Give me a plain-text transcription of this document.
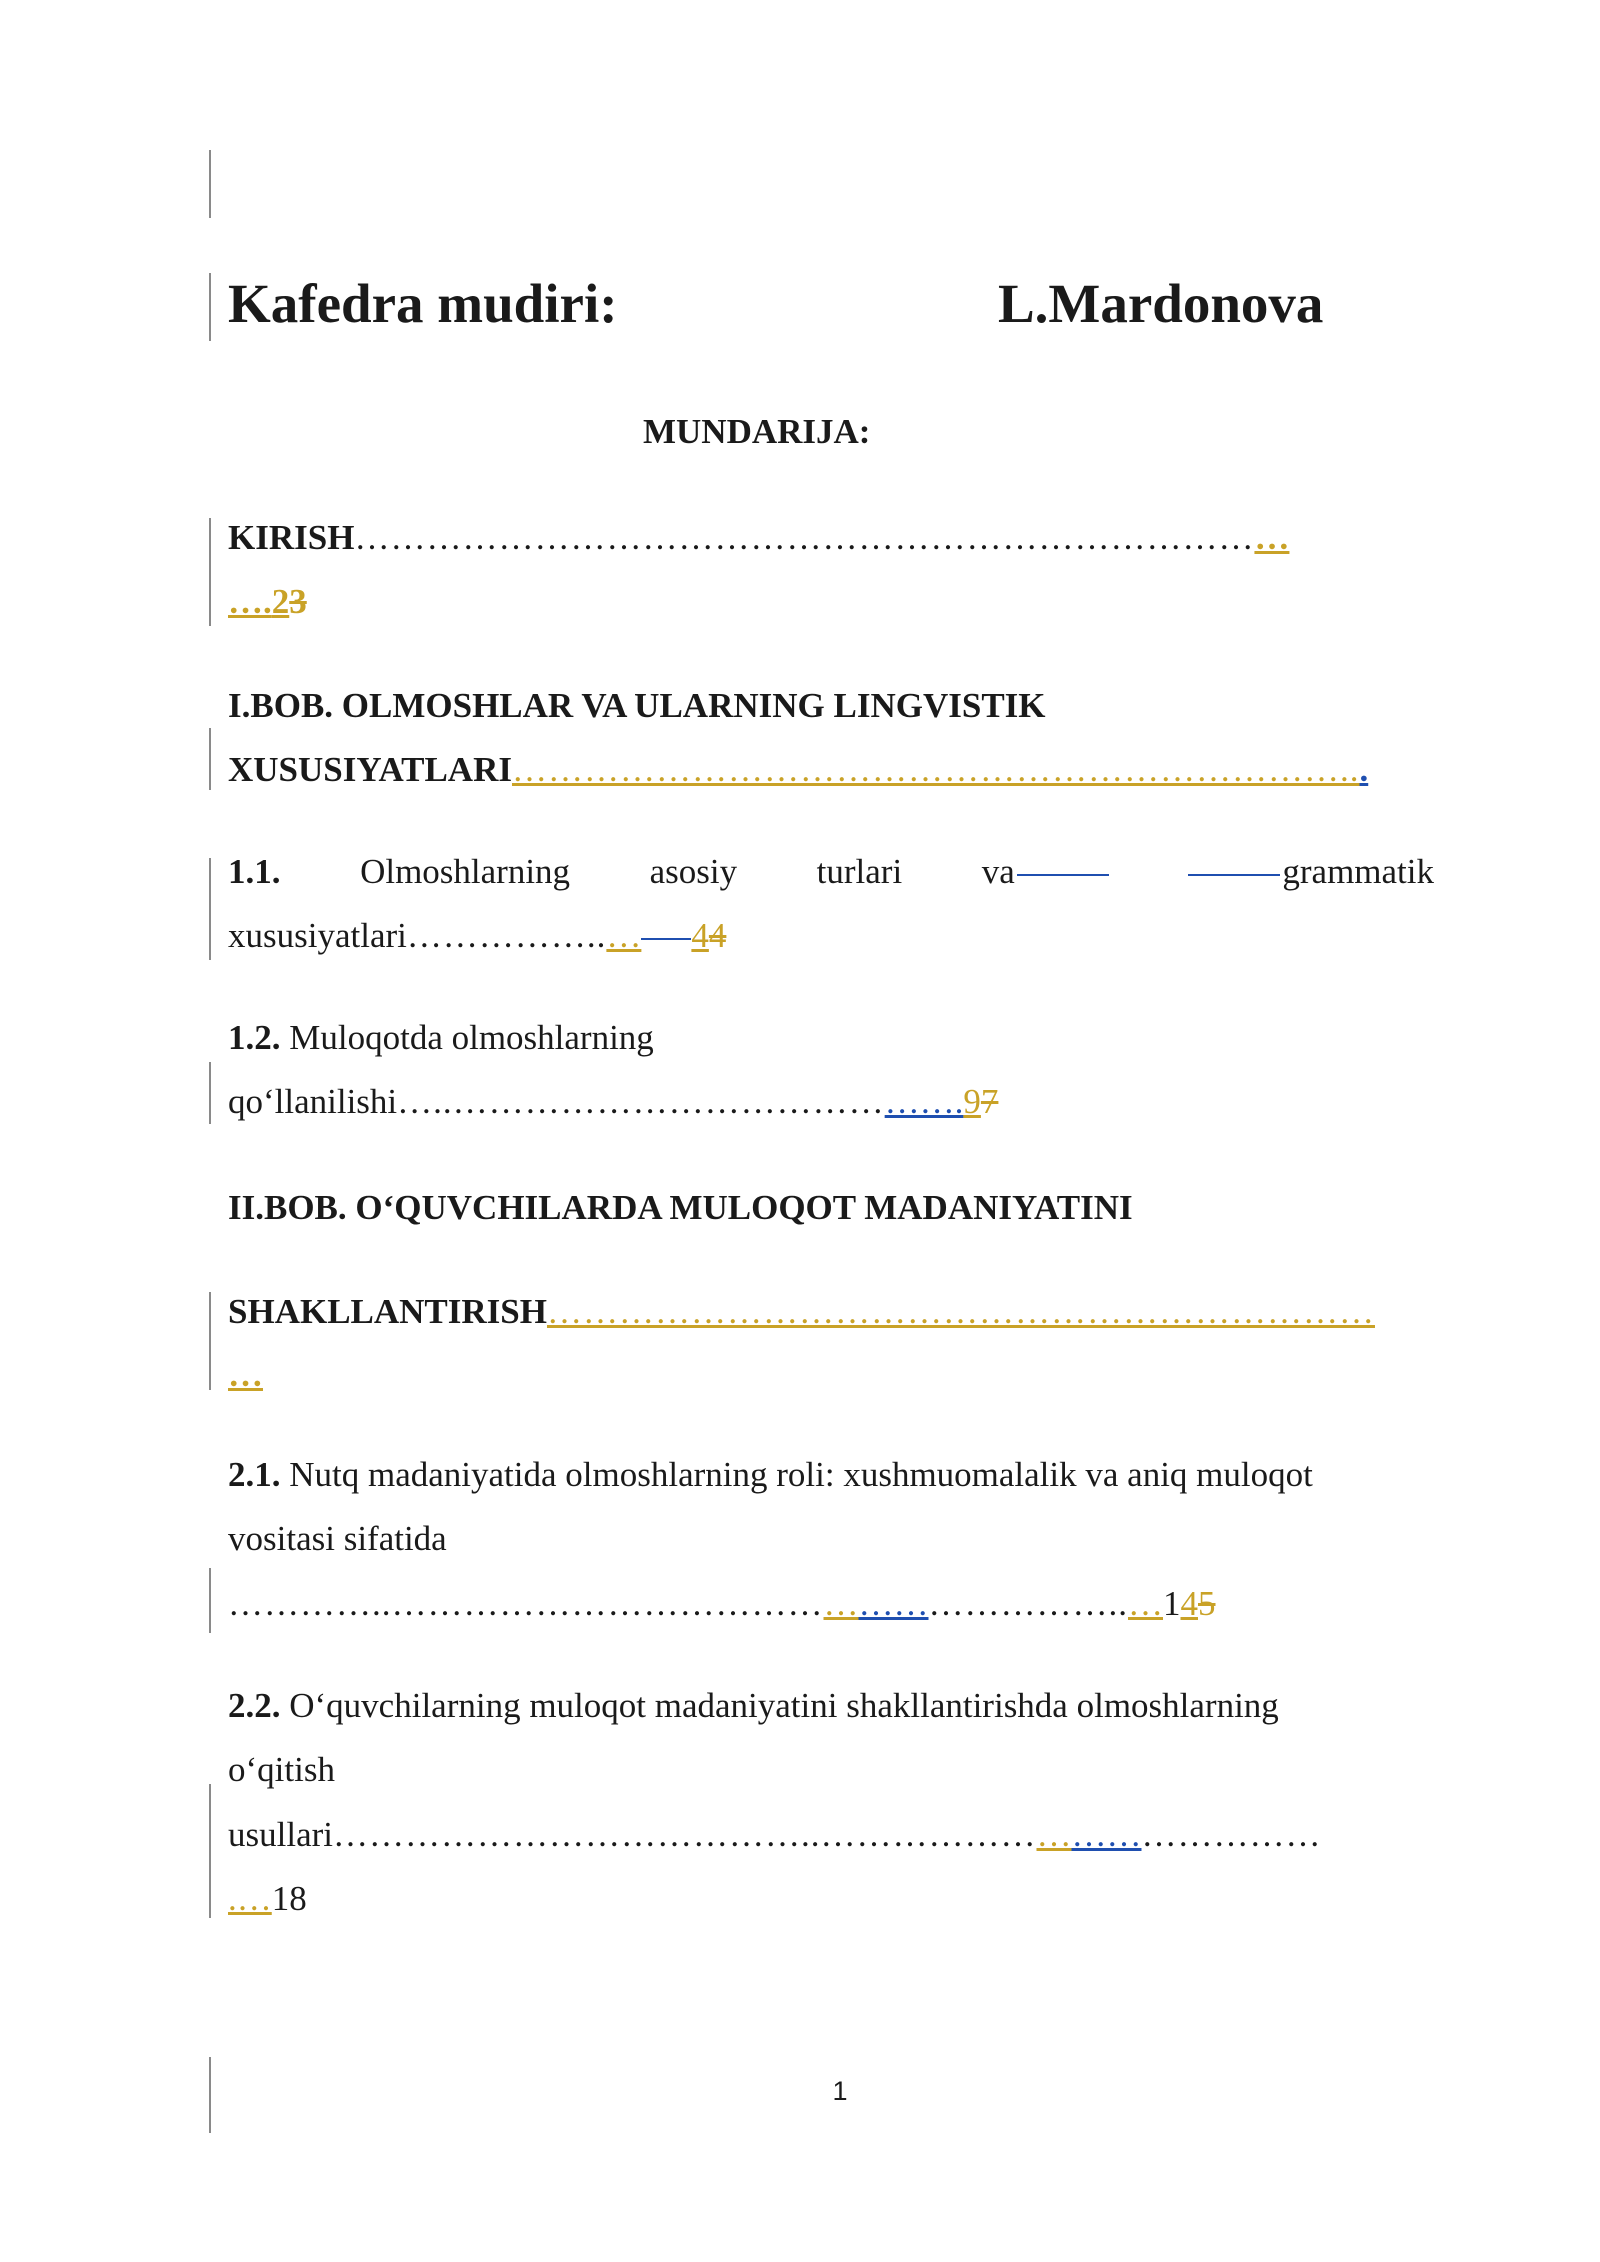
Kafedra mudiri:	L.Mardonova
MUNDARIJA:
KIRISH……………………………………………………………………
….23
I.BOB. OLMOSHLAR VA ULARNING LINGVISTIK
XUSUSIYATLARI……………………………………………………………...
1.1. Olmoshlarning asosiy turlari va	grammatik
xususiyatlari……………..… 44
1.2. Muloqotda olmoshlarning
qo‘llanilishi…..…………………………………….97
II.BOB. O‘QUVCHILARDA MULOQOT MADANIYATINI
SHAKLLANTIRISH……………………………………………………………
…
2.1. Nutq madaniyatida olmoshlarning roli: xushmuomalalik va aniq muloqot
vositasi sifatida
…………..……………………………………………………..…145
2.2. O‘quvchilarning muloqot madaniyatini shakllantirishda olmoshlarning
o‘qitish
usullari…………………………………..……………………………………
.…18
1
